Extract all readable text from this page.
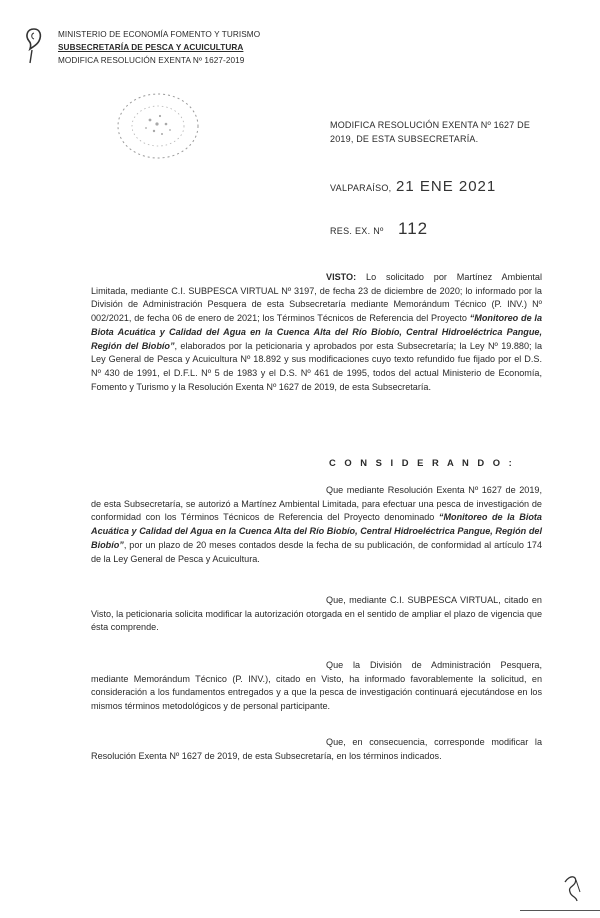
MINISTERIO DE ECONOMÍA FOMENTO Y TURISMO
SUBSECRETARÍA DE PESCA Y ACUICULTURA
MODIFICA RESOLUCIÓN EXENTA Nº 1627-2019
MODIFICA RESOLUCIÓN EXENTA Nº 1627 DE 2019, DE ESTA SUBSECRETARÍA.
VALPARAÍSO, 21 ENE 2021
RES. EX. Nº 112
VISTO: Lo solicitado por Martínez Ambiental Limitada, mediante C.I. SUBPESCA VIRTUAL Nº 3197, de fecha 23 de diciembre de 2020; lo informado por la División de Administración Pesquera de esta Subsecretaría mediante Memorándum Técnico (P. INV.) Nº 002/2021, de fecha 06 de enero de 2021; los Términos Técnicos de Referencia del Proyecto “Monitoreo de la Biota Acuática y Calidad del Agua en la Cuenca Alta del Río Biobío, Central Hidroeléctrica Pangue, Región del Biobío”, elaborados por la peticionaria y aprobados por esta Subsecretaría; la Ley Nº 19.880; la Ley General de Pesca y Acuicultura Nº 18.892 y sus modificaciones cuyo texto refundido fue fijado por el D.S. Nº 430 de 1991, el D.F.L. Nº 5 de 1983 y el D.S. Nº 461 de 1995, todos del actual Ministerio de Economía, Fomento y Turismo y la Resolución Exenta Nº 1627 de 2019, de esta Subsecretaría.
C O N S I D E R A N D O :
Que mediante Resolución Exenta Nº 1627 de 2019, de esta Subsecretaría, se autorizó a Martínez Ambiental Limitada, para efectuar una pesca de investigación de conformidad con los Términos Técnicos de Referencia del Proyecto denominado “Monitoreo de la Biota Acuática y Calidad del Agua en la Cuenca Alta del Río Biobío, Central Hidroeléctrica Pangue, Región del Biobío”, por un plazo de 20 meses contados desde la fecha de su publicación, de conformidad al artículo 174 de la Ley General de Pesca y Acuicultura.
Que, mediante C.I. SUBPESCA VIRTUAL, citado en Visto, la peticionaria solicita modificar la autorización otorgada en el sentido de ampliar el plazo de vigencia que ésta comprende.
Que la División de Administración Pesquera, mediante Memorándum Técnico (P. INV.), citado en Visto, ha informado favorablemente la solicitud, en consideración a los fundamentos entregados y a que la pesca de investigación continuará ejecutándose en los mismos términos metodológicos y de personal participante.
Que, en consecuencia, corresponde modificar la Resolución Exenta Nº 1627 de 2019, de esta Subsecretaría, en los términos indicados.
